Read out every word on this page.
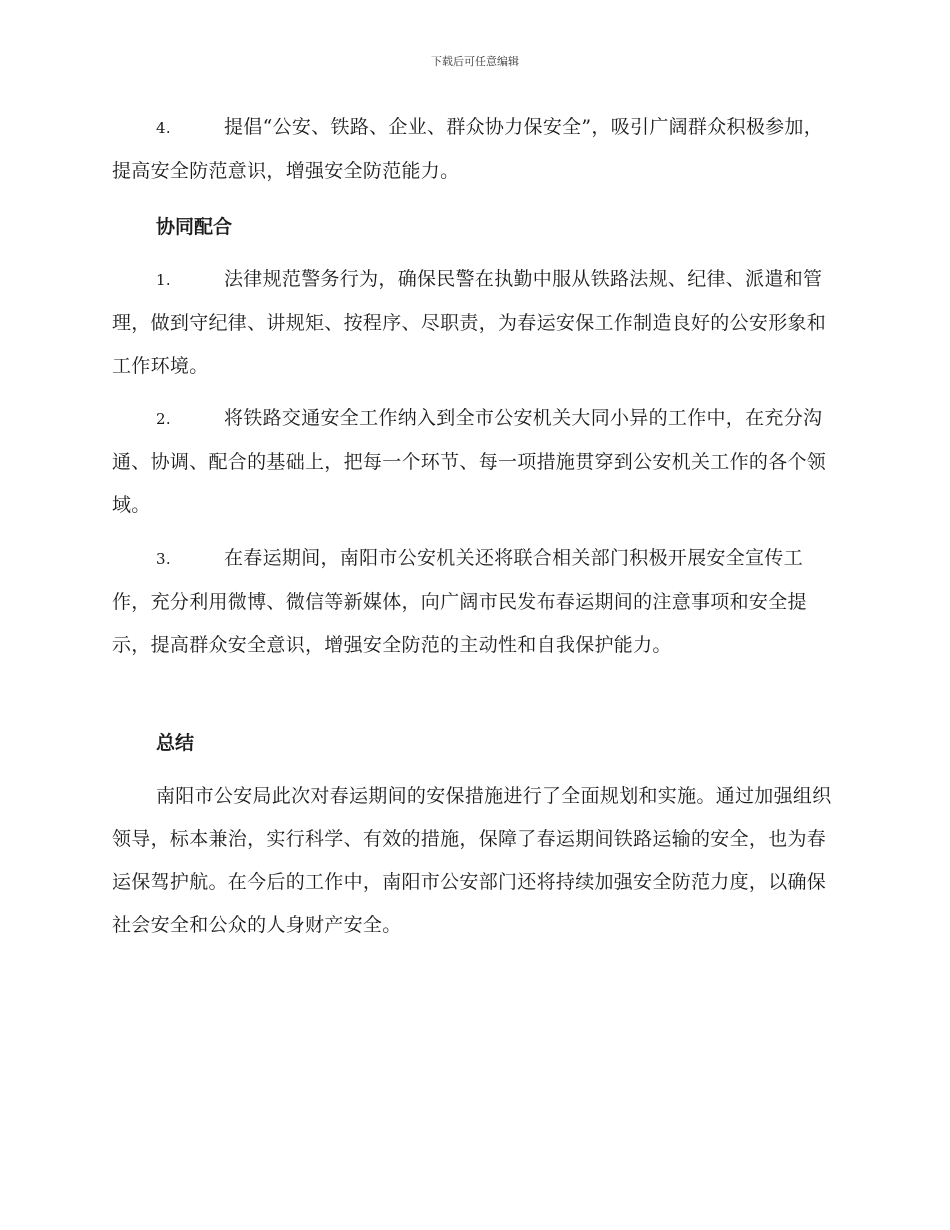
下载后可任意编辑

4.	提倡“公安、铁路、企业、群众协力保安全”，吸引广阔群众积极参加，提高安全防范意识，增强安全防范能力。

协同配合

1.	法律规范警务行为，确保民警在执勤中服从铁路法规、纪律、派遣和管理，做到守纪律、讲规矩、按程序、尽职责，为春运安保工作制造良好的公安形象和工作环境。

2.	将铁路交通安全工作纳入到全市公安机关大同小异的工作中，在充分沟通、协调、配合的基础上，把每一个环节、每一项措施贯穿到公安机关工作的各个领域。

3.	在春运期间，南阳市公安机关还将联合相关部门积极开展安全宣传工作，充分利用微博、微信等新媒体，向广阔市民发布春运期间的注意事项和安全提示，提高群众安全意识，增强安全防范的主动性和自我保护能力。

总结

南阳市公安局此次对春运期间的安保措施进行了全面规划和实施。通过加强组织领导，标本兼治，实行科学、有效的措施，保障了春运期间铁路运输的安全，也为春运保驾护航。在今后的工作中，南阳市公安部门还将持续加强安全防范力度，以确保社会安全和公众的人身财产安全。
